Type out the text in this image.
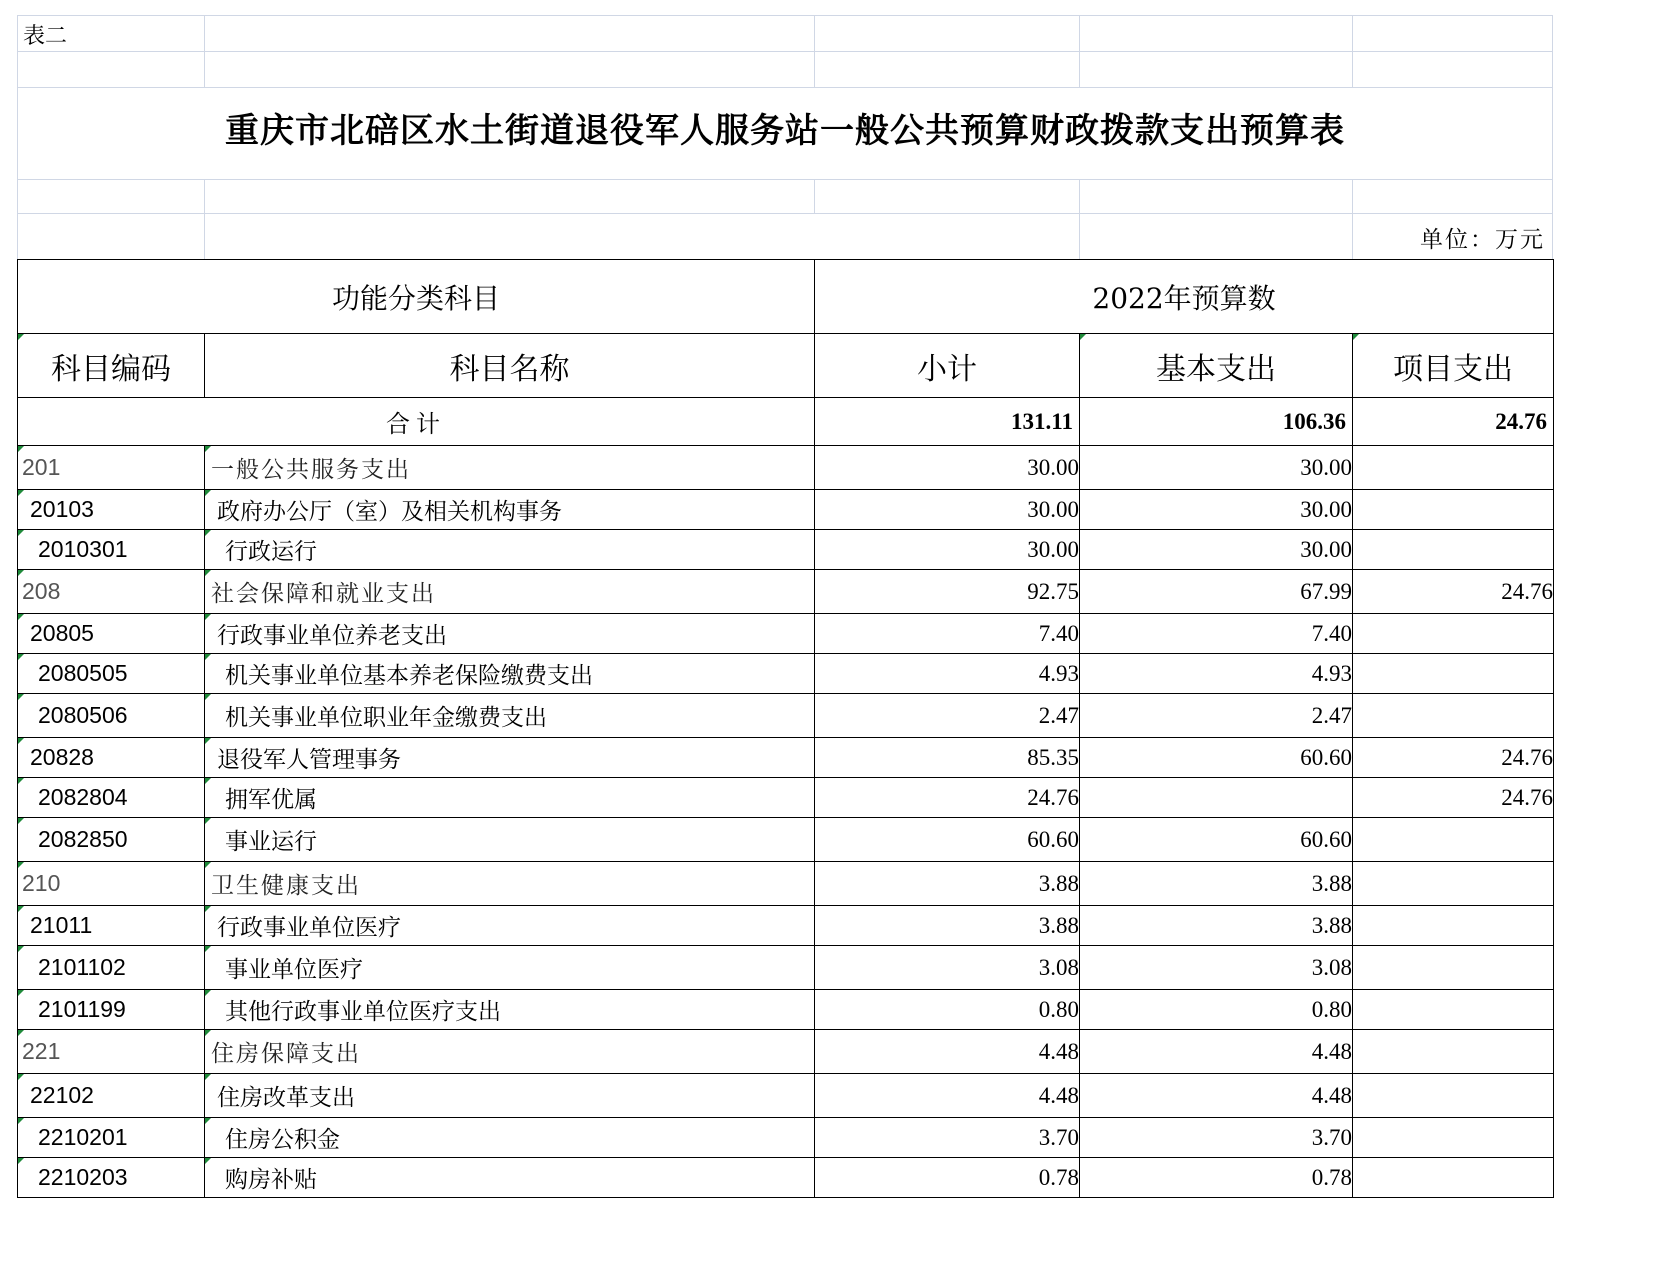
表二
重庆市北碚区水土街道退役军人服务站一般公共预算财政拨款支出预算表
单位：万元
功能分类科目		2022年预算数		
科目编码	科目名称	小计	基本支出	项目支出
合计		131.11	106.36	24.76
201	一般公共服务支出	30.00	30.00	
20103	政府办公厅（室）及相关机构事务	30.00	30.00	
2010301	行政运行	30.00	30.00	
208	社会保障和就业支出	92.75	67.99	24.76
20805	行政事业单位养老支出	7.40	7.40	
2080505	机关事业单位基本养老保险缴费支出	4.93	4.93	
2080506	机关事业单位职业年金缴费支出	2.47	2.47	
20828	退役军人管理事务	85.35	60.60	24.76
2082804	拥军优属	24.76		24.76
2082850	事业运行	60.60	60.60	
210	卫生健康支出	3.88	3.88	
21011	行政事业单位医疗	3.88	3.88	
2101102	事业单位医疗	3.08	3.08	
2101199	其他行政事业单位医疗支出	0.80	0.80	
221	住房保障支出	4.48	4.48	
22102	住房改革支出	4.48	4.48	
2210201	住房公积金	3.70	3.70	
2210203	购房补贴	0.78	0.78	
